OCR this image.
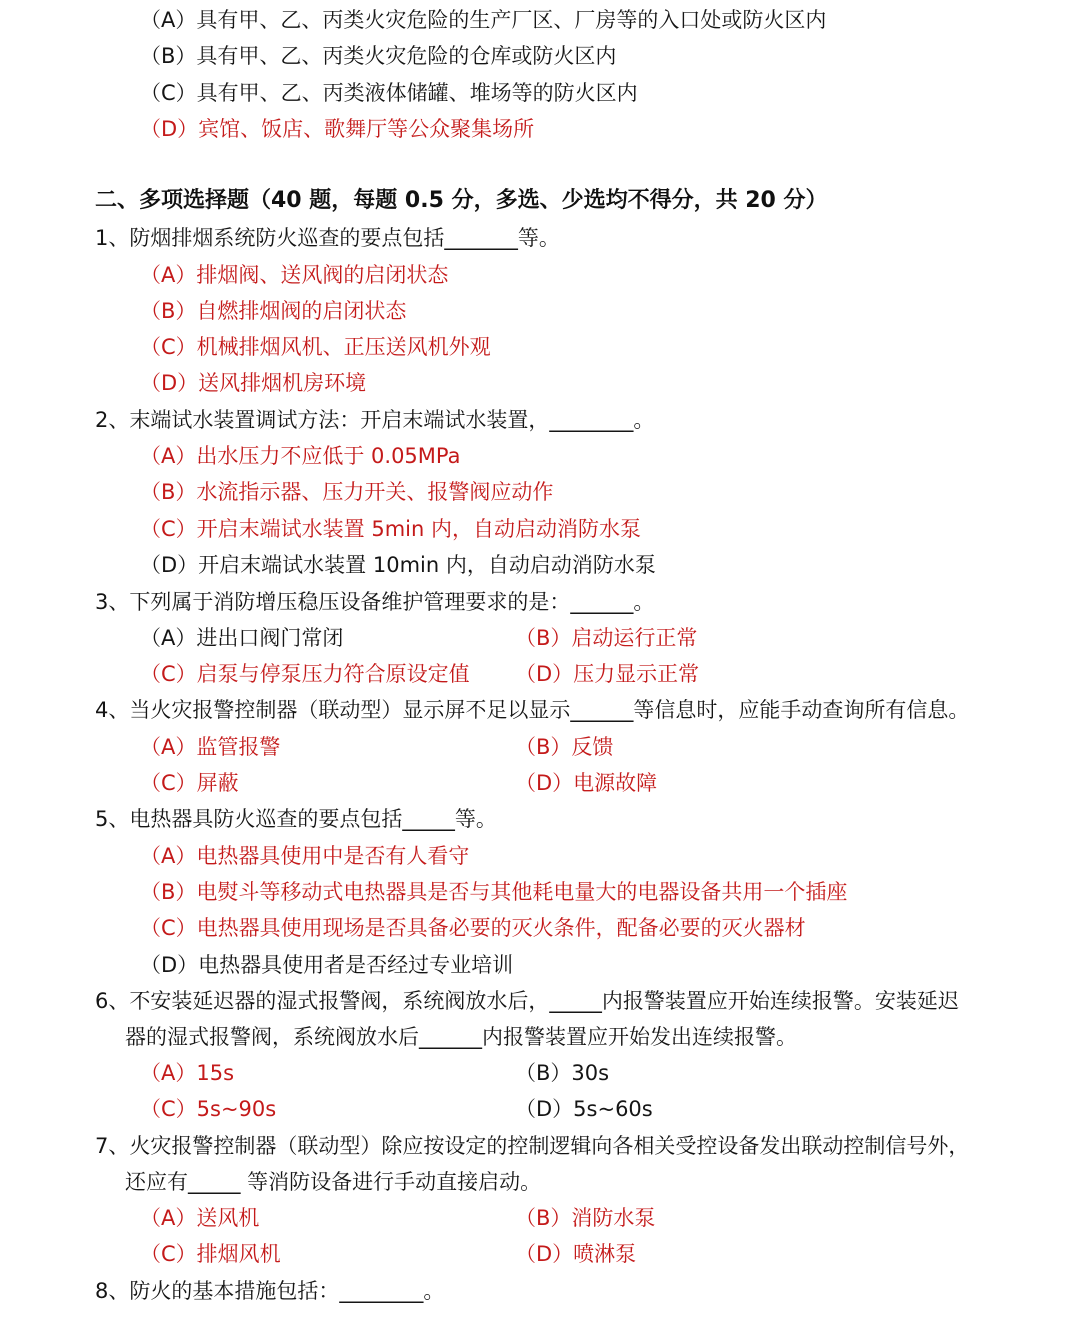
（A）具有甲、乙、丙类火灾危险的生产厂区、厂房等的入口处或防火区内
（B）具有甲、乙、丙类火灾危险的仓库或防火区内
（C）具有甲、乙、丙类液体储罐、堆场等的防火区内
（D）宾馆、饭店、歌舞厅等公众聚集场所
二、多项选择题（40 题，每题 0.5 分，多选、少选均不得分，共 20 分）
1、防烟排烟系统防火巡查的要点包括_______等。
（A）排烟阀、送风阀的启闭状态
（B）自燃排烟阀的启闭状态
（C）机械排烟风机、正压送风机外观
（D）送风排烟机房环境
2、末端试水装置调试方法：开启末端试水装置，________。
（A）出水压力不应低于 0.05MPa
（B）水流指示器、压力开关、报警阀应动作
（C）开启末端试水装置 5min 内，自动启动消防水泵
（D）开启末端试水装置 10min 内，自动启动消防水泵
3、下列属于消防增压稳压设备维护管理要求的是：______。
（A）进出口阀门常闭	（B）启动运行正常
（C）启泵与停泵压力符合原设定值 （D）压力显示正常
4、当火灾报警控制器（联动型）显示屏不足以显示______等信息时，应能手动查询所有信息。
（A）监管报警	（B）反馈
（C）屏蔽	（D）电源故障
5、电热器具防火巡查的要点包括_____等。
（A）电热器具使用中是否有人看守
（B）电熨斗等移动式电热器具是否与其他耗电量大的电器设备共用一个插座
（C）电热器具使用现场是否具备必要的灭火条件，配备必要的灭火器材
（D）电热器具使用者是否经过专业培训
6、不安装延迟器的湿式报警阀，系统阀放水后，_____内报警装置应开始连续报警。安装延迟
器的湿式报警阀，系统阀放水后______内报警装置应开始发出连续报警。
（A）15s	（B）30s
（C）5s~90s	（D）5s~60s
7、火灾报警控制器（联动型）除应按设定的控制逻辑向各相关受控设备发出联动控制信号外，
还应有_____ 等消防设备进行手动直接启动。
（A）送风机	（B）消防水泵
（C）排烟风机	（D）喷淋泵
8、防火的基本措施包括：________。
